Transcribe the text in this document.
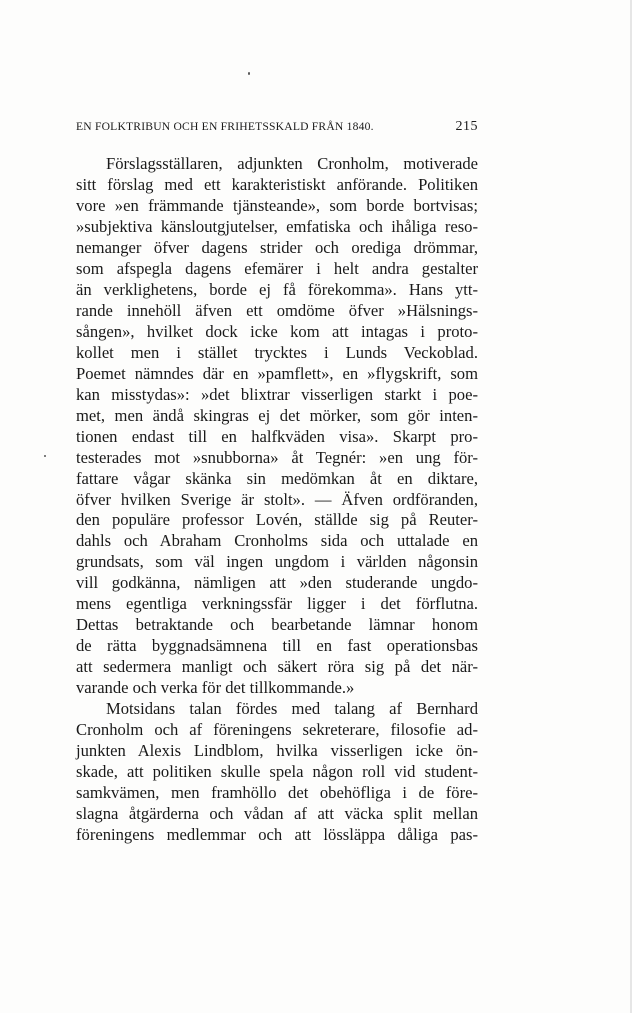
EN FOLKTRIBUN OCH EN FRIHETSSKALD FRÅN 1840.	215
Förslagsställaren, adjunkten Cronholm, motiverade
sitt förslag med ett karakteristiskt anförande. Politiken
vore »en främmande tjänsteande», som borde bortvisas;
»subjektiva känsloutgjutelser, emfatiska och ihåliga reso-
nemanger öfver dagens strider och orediga drömmar,
som afspegla dagens efemärer i helt andra gestalter
än verklighetens, borde ej få förekomma». Hans ytt-
rande innehöll äfven ett omdöme öfver »Hälsnings-
sången», hvilket dock icke kom att intagas i proto-
kollet men i stället trycktes i Lunds Veckoblad.
Poemet nämndes där en »pamflett», en »flygskrift, som
kan misstydas»: »det blixtrar visserligen starkt i poe-
met, men ändå skingras ej det mörker, som gör inten-
tionen endast till en halfkväden visa». Skarpt pro-
testerades mot »snubborna» åt Tegnér: »en ung för-
fattare vågar skänka sin medömkan åt en diktare,
öfver hvilken Sverige är stolt». — Äfven ordföranden,
den populäre professor Lovén, ställde sig på Reuter-
dahls och Abraham Cronholms sida och uttalade en
grundsats, som väl ingen ungdom i världen någonsin
vill godkänna, nämligen att »den studerande ungdo-
mens egentliga verkningssfär ligger i det förflutna.
Dettas betraktande och bearbetande lämnar honom
de rätta byggnadsämnena till en fast operationsbas
att sedermera manligt och säkert röra sig på det när-
varande och verka för det tillkommande.»
Motsidans talan fördes med talang af Bernhard
Cronholm och af föreningens sekreterare, filosofie ad-
junkten Alexis Lindblom, hvilka visserligen icke ön-
skade, att politiken skulle spela någon roll vid student-
samkvämen, men framhöllo det obehöfliga i de före-
slagna åtgärderna och vådan af att väcka split mellan
föreningens medlemmar och att lössläppa dåliga pas-
